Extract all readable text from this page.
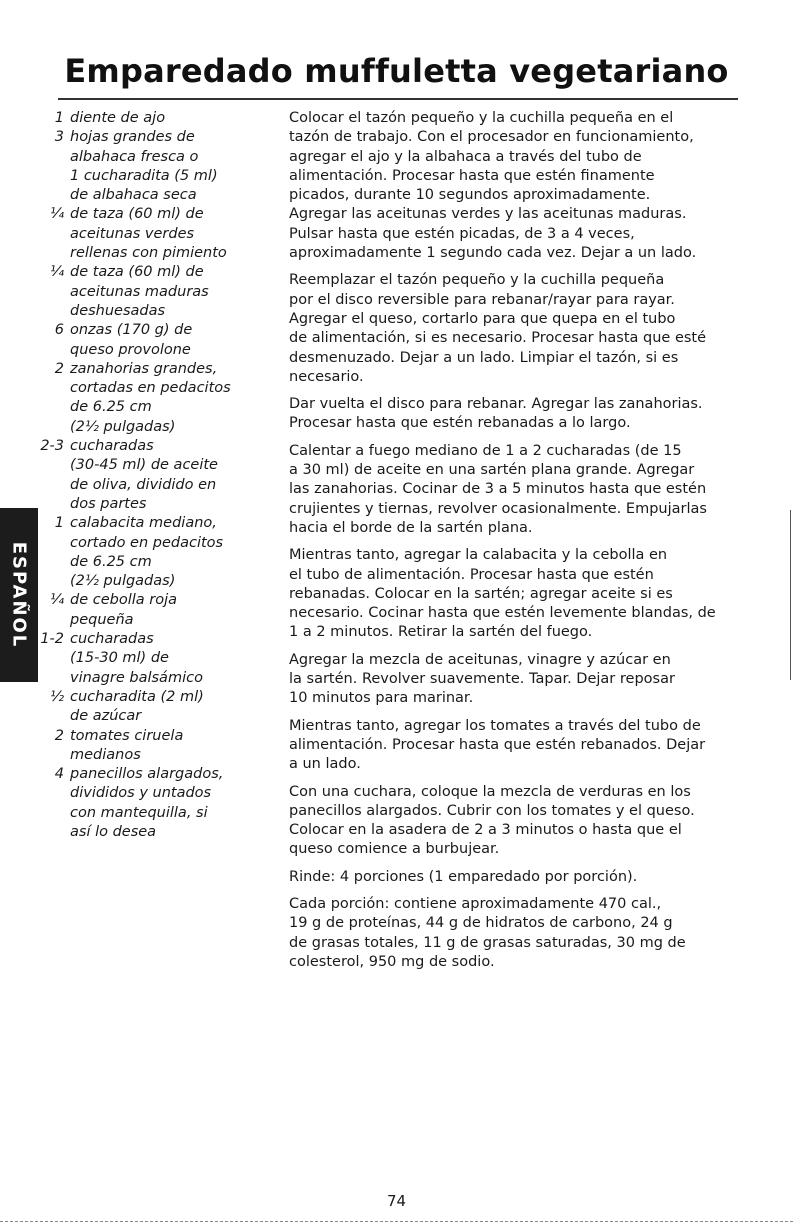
Emparedado muffuletta vegetariano
1 diente de ajo
3 hojas grandes de
albahaca fresca o
1 cucharadita (5 ml)
de albahaca seca
¼ de taza (60 ml) de
aceitunas verdes
rellenas con pimiento
¼ de taza (60 ml) de
aceitunas maduras
deshuesadas
6 onzas (170 g) de
queso provolone
2 zanahorias grandes,
cortadas en pedacitos
de 6.25 cm
(2½ pulgadas)
2-3 cucharadas
(30-45 ml) de aceite
de oliva, dividido en
dos partes
1 calabacita mediano,
cortado en pedacitos
de 6.25 cm
(2½ pulgadas)
¼ de cebolla roja
pequeña
1-2 cucharadas
(15-30 ml) de
vinagre balsámico
½ cucharadita (2 ml)
de azúcar
2 tomates ciruela
medianos
4 panecillos alargados,
divididos y untados
con mantequilla, si
así lo desea

Colocar el tazón pequeño y la cuchilla pequeña en el
tazón de trabajo. Con el procesador en funcionamiento,
agregar el ajo y la albahaca a través del tubo de
alimentación. Procesar hasta que estén finamente
picados, durante 10 segundos aproximadamente.
Agregar las aceitunas verdes y las aceitunas maduras.
Pulsar hasta que estén picadas, de 3 a 4 veces,
aproximadamente 1 segundo cada vez. Dejar a un lado.

Reemplazar el tazón pequeño y la cuchilla pequeña
por el disco reversible para rebanar/rayar para rayar.
Agregar el queso, cortarlo para que quepa en el tubo
de alimentación, si es necesario. Procesar hasta que esté
desmenuzado. Dejar a un lado. Limpiar el tazón, si es
necesario.

Dar vuelta el disco para rebanar. Agregar las zanahorias.
Procesar hasta que estén rebanadas a lo largo.

Calentar a fuego mediano de 1 a 2 cucharadas (de 15
a 30 ml) de aceite en una sartén plana grande. Agregar
las zanahorias. Cocinar de 3 a 5 minutos hasta que estén
crujientes y tiernas, revolver ocasionalmente. Empujarlas
hacia el borde de la sartén plana.

Mientras tanto, agregar la calabacita y la cebolla en
el tubo de alimentación. Procesar hasta que estén
rebanadas. Colocar en la sartén; agregar aceite si es
necesario. Cocinar hasta que estén levemente blandas, de
1 a 2 minutos. Retirar la sartén del fuego.

Agregar la mezcla de aceitunas, vinagre y azúcar en
la sartén. Revolver suavemente. Tapar. Dejar reposar
10 minutos para marinar.

Mientras tanto, agregar los tomates a través del tubo de
alimentación. Procesar hasta que estén rebanados. Dejar
a un lado.

Con una cuchara, coloque la mezcla de verduras en los
panecillos alargados. Cubrir con los tomates y el queso.
Colocar en la asadera de 2 a 3 minutos o hasta que el
queso comience a burbujear.

Rinde: 4 porciones (1 emparedado por porción).

Cada porción: contiene aproximadamente 470 cal.,
19 g de proteínas, 44 g de hidratos de carbono, 24 g
de grasas totales, 11 g de grasas saturadas, 30 mg de
colesterol, 950 mg de sodio.

ESPAÑOL
74
